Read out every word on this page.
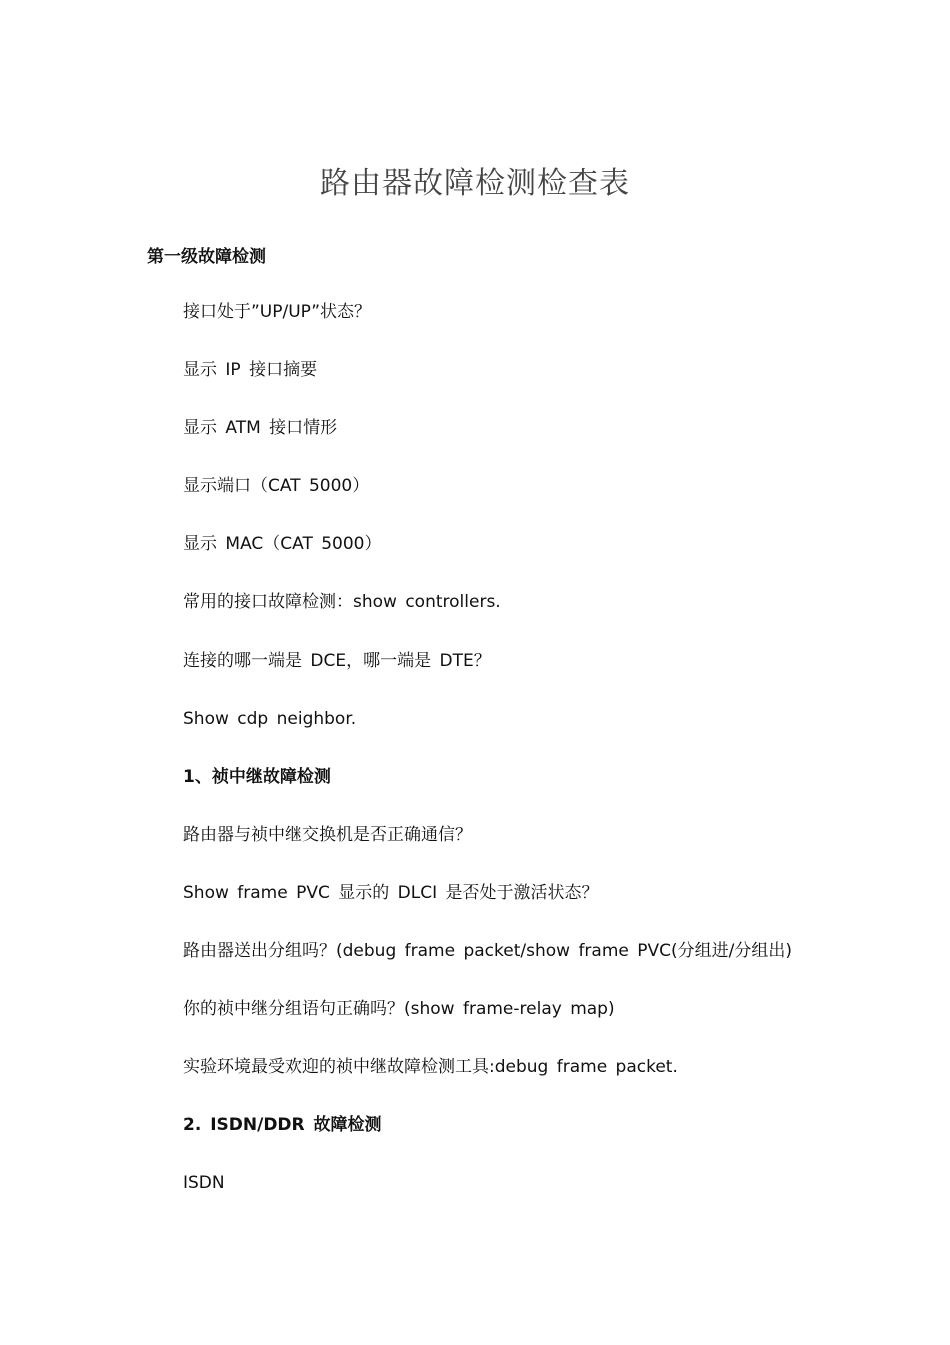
路由器故障检测检查表
第一级故障检测
接口处于”UP/UP”状态？
显示 IP 接口摘要
显示 ATM 接口情形
显示端口（CAT 5000）
显示 MAC（CAT 5000）
常用的接口故障检测：show controllers.
连接的哪一端是 DCE，哪一端是 DTE？
Show cdp neighbor.
1、祯中继故障检测
路由器与祯中继交换机是否正确通信？
Show frame PVC 显示的 DLCI 是否处于激活状态？
路由器送出分组吗？(debug frame packet/show frame PVC(分组进/分组出)
你的祯中继分组语句正确吗？(show frame-relay map)
实验环境最受欢迎的祯中继故障检测工具:debug frame packet.
2. ISDN/DDR 故障检测
ISDN
